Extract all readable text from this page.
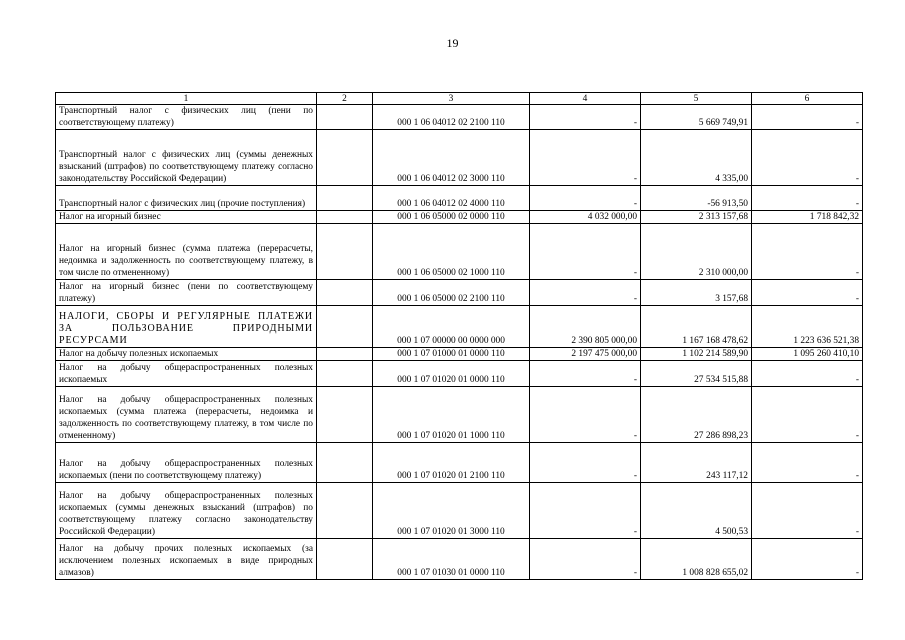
19
1	2	3	4	5	6
Транспортный налог с физических лиц (пени по соответствующему платежу)		000 1 06 04012 02 2100 110	-	5 669 749,91	-
Транспортный налог с физических лиц (суммы денежных взысканий (штрафов) по соответствующему платежу согласно законодательству Российской Федерации)		000 1 06 04012 02 3000 110	-	4 335,00	-
Транспортный налог с физических лиц (прочие поступления)		000 1 06 04012 02 4000 110	-	-56 913,50	-
Налог на игорный бизнес		000 1 06 05000 02 0000 110	4 032 000,00	2 313 157,68	1 718 842,32
Налог на игорный бизнес (сумма платежа (перерасчеты, недоимка и задолженность по соответствующему платежу, в том числе по отмененному)		000 1 06 05000 02 1000 110	-	2 310 000,00	-
Налог на игорный бизнес (пени по соответствующему платежу)		000 1 06 05000 02 2100 110	-	3 157,68	-
НАЛОГИ, СБОРЫ И РЕГУЛЯРНЫЕ ПЛАТЕЖИ ЗА ПОЛЬЗОВАНИЕ ПРИРОДНЫМИ РЕСУРСАМИ		000 1 07 00000 00 0000 000	2 390 805 000,00	1 167 168 478,62	1 223 636 521,38
Налог на добычу полезных ископаемых		000 1 07 01000 01 0000 110	2 197 475 000,00	1 102 214 589,90	1 095 260 410,10
Налог на добычу общераспространенных полезных ископаемых		000 1 07 01020 01 0000 110	-	27 534 515,88	-
Налог на добычу общераспространенных полезных ископаемых (сумма платежа (перерасчеты, недоимка и задолженность по соответствующему платежу, в том числе по отмененному)		000 1 07 01020 01 1000 110	-	27 286 898,23	-
Налог на добычу общераспространенных полезных ископаемых (пени по соответствующему платежу)		000 1 07 01020 01 2100 110	-	243 117,12	-
Налог на добычу общераспространенных полезных ископаемых (суммы денежных взысканий (штрафов) по соответствующему платежу согласно законодательству Российской Федерации)		000 1 07 01020 01 3000 110	-	4 500,53	-
Налог на добычу прочих полезных ископаемых (за исключением полезных ископаемых в виде природных алмазов)		000 1 07 01030 01 0000 110	-	1 008 828 655,02	-
